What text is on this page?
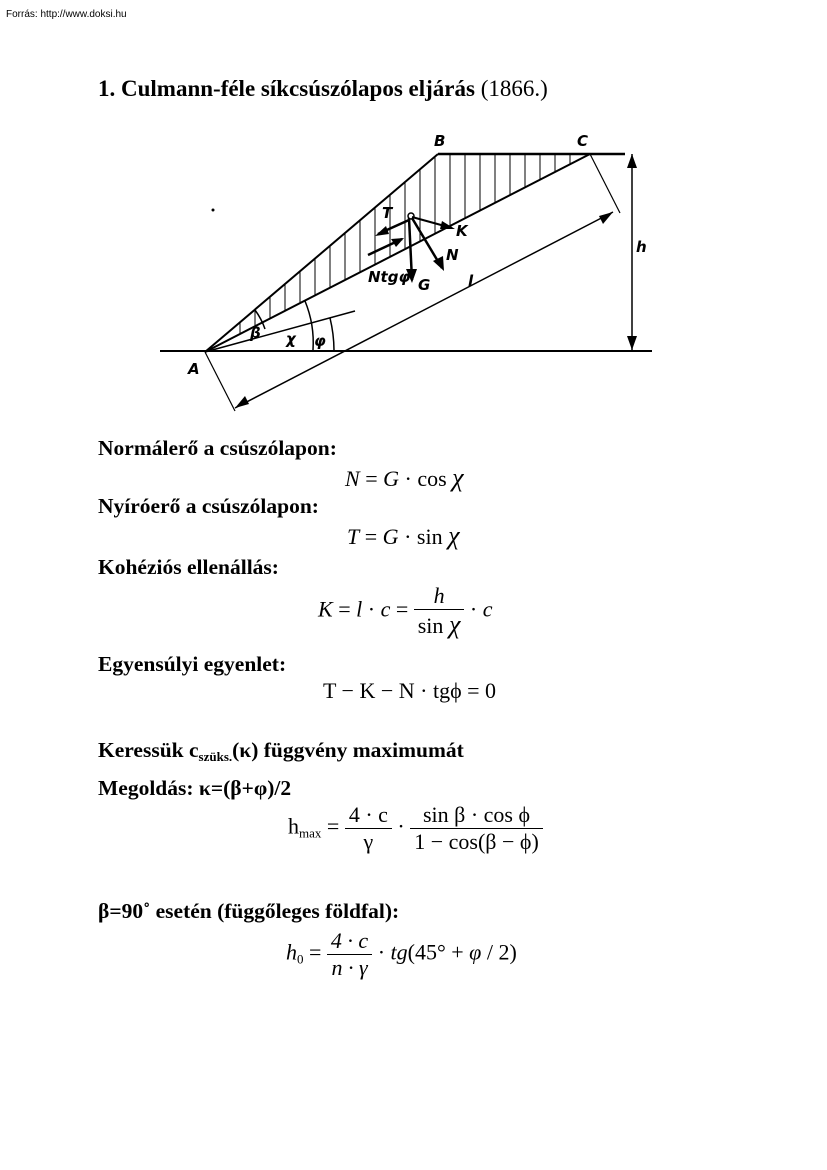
Forrás: http://www.doksi.hu
1. Culmann-féle síkcsúszólapos eljárás (1866.)
A
B	C
h
T
K
N
G	l
Ntgφ
β χ φ
Normálerő a csúszólapon:
N = G · cos χ
Nyíróerő a csúszólapon:
T = G · sin χ
Kohéziós ellenállás:
$K = l \cdot c = \frac{h}{\text{sin χ}} \cdot c$
Egyensúlyi egyenlet:
T − K − N · tgϕ = 0
Keressük $c_{szüks.}(\kappa)$ függvény maximumát
Megoldás: κ=(β+φ)/2
$h_{max} = \frac{4 \cdot c}{\gamma} \cdot \frac{\text{sin β · cos ϕ}}{1 - \cos(\beta - \phi)}$
β=90˚ esetén (függőleges földfal):
$h_0 = \frac{4 \cdot c}{n \cdot \gamma} \cdot tg(45^\circ + \varphi / 2)$
